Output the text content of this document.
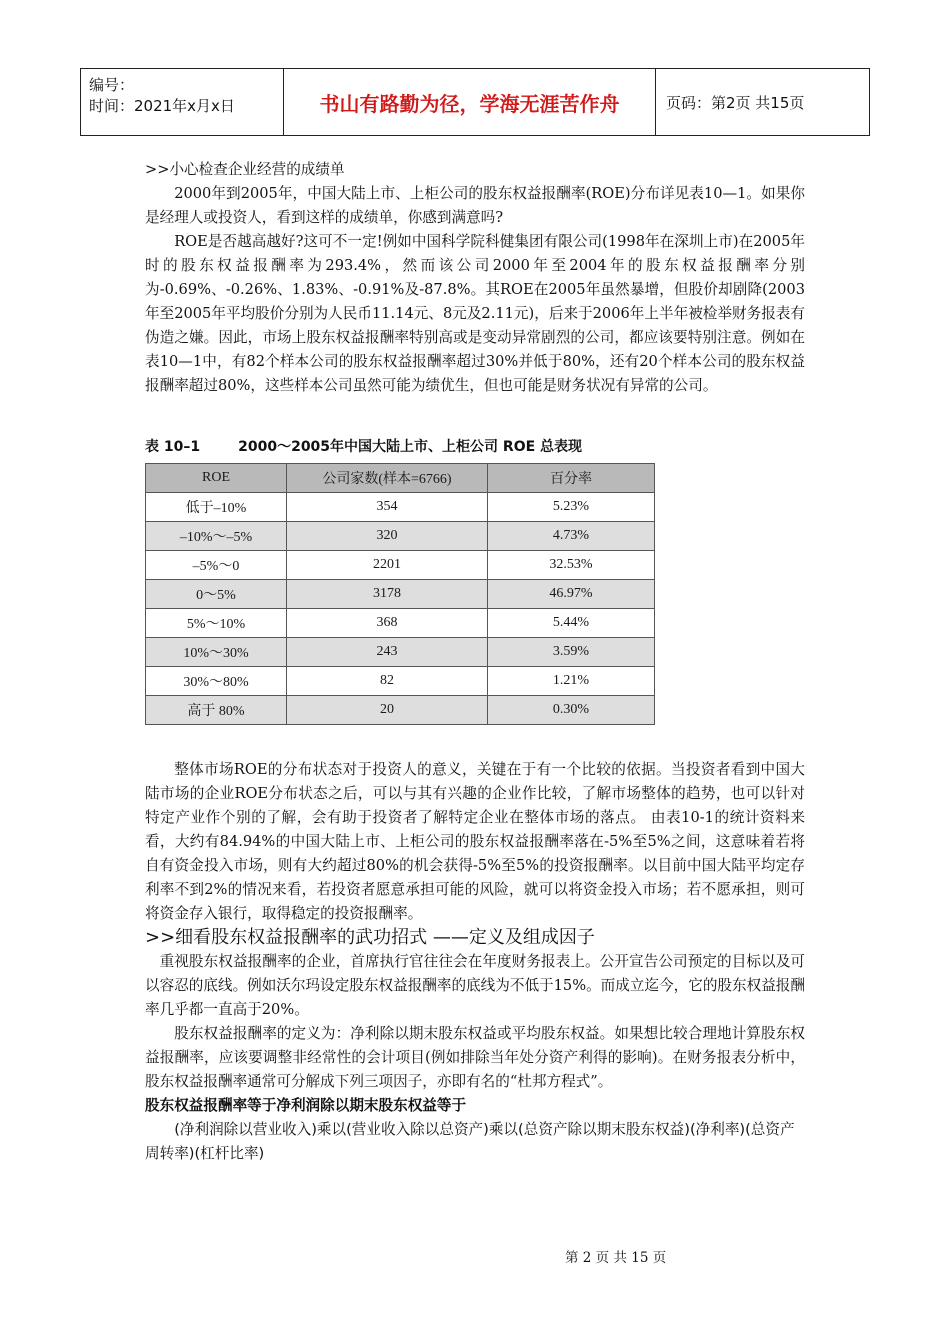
编号：
时间：2021年x月x日	书山有路勤为径，学海无涯苦作舟	页码：第2页 共15页

>>小心检查企业经营的成绩单

2000年到2005年，中国大陆上市、上柜公司的股东权益报酬率(ROE)分布详见表10—1。如果你是经理人或投资人，看到这样的成绩单，你感到满意吗?

ROE是否越高越好?这可不一定!例如中国科学院科健集团有限公司(1998年在深圳上市)在2005年时的股东权益报酬率为293.4%，然而该公司2000年至2004年的股东权益报酬率分别为-0.69%、-0.26%、1.83%、-0.91%及-87.8%。其ROE在2005年虽然暴增，但股价却剧降(2003年至2005年平均股价分别为人民币11.14元、8元及2.11元)，后来于2006年上半年被检举财务报表有伪造之嫌。因此，市场上股东权益报酬率特别高或是变动异常剧烈的公司，都应该要特别注意。例如在表10—1中，有82个样本公司的股东权益报酬率超过30%并低于80%，还有20个样本公司的股东权益报酬率超过80%，这些样本公司虽然可能为绩优生，但也可能是财务状况有异常的公司。

表 10–1	2000～2005年中国大陆上市、上柜公司 ROE 总表现
ROE	公司家数(样本=6766)	百分率
低于–10%	354	5.23%
–10%～–5%	320	4.73%
–5%～0	2201	32.53%
0～5%	3178	46.97%
5%～10%	368	5.44%
10%～30%	243	3.59%
30%～80%	82	1.21%
高于 80%	20	0.30%

整体市场ROE的分布状态对于投资人的意义，关键在于有一个比较的依据。当投资者看到中国大陆市场的企业ROE分布状态之后，可以与其有兴趣的企业作比较，了解市场整体的趋势，也可以针对特定产业作个别的了解，会有助于投资者了解特定企业在整体市场的落点。 由表10-1的统计资料来看，大约有84.94%的中国大陆上市、上柜公司的股东权益报酬率落在-5%至5%之间，这意味着若将自有资金投入市场，则有大约超过80%的机会获得-5%至5%的投资报酬率。以目前中国大陆平均定存利率不到2%的情况来看，若投资者愿意承担可能的风险，就可以将资金投入市场；若不愿承担，则可将资金存入银行，取得稳定的投资报酬率。

>>细看股东权益报酬率的武功招式 ——定义及组成因子

重视股东权益报酬率的企业，首席执行官往往会在年度财务报表上。公开宣告公司预定的目标以及可以容忍的底线。例如沃尔玛设定股东权益报酬率的底线为不低于15%。而成立迄今，它的股东权益报酬率几乎都一直高于20%。

股东权益报酬率的定义为：净利除以期末股东权益或平均股东权益。如果想比较合理地计算股东权益报酬率，应该要调整非经常性的会计项目(例如排除当年处分资产利得的影响)。在财务报表分析中，股东权益报酬率通常可分解成下列三项因子，亦即有名的“杜邦方程式”。

股东权益报酬率等于净利润除以期末股东权益等于

(净利润除以营业收入)乘以(营业收入除以总资产)乘以(总资产除以期末股东权益)(净利率)(总资产周转率)(杠杆比率)

第 2 页 共 15 页
